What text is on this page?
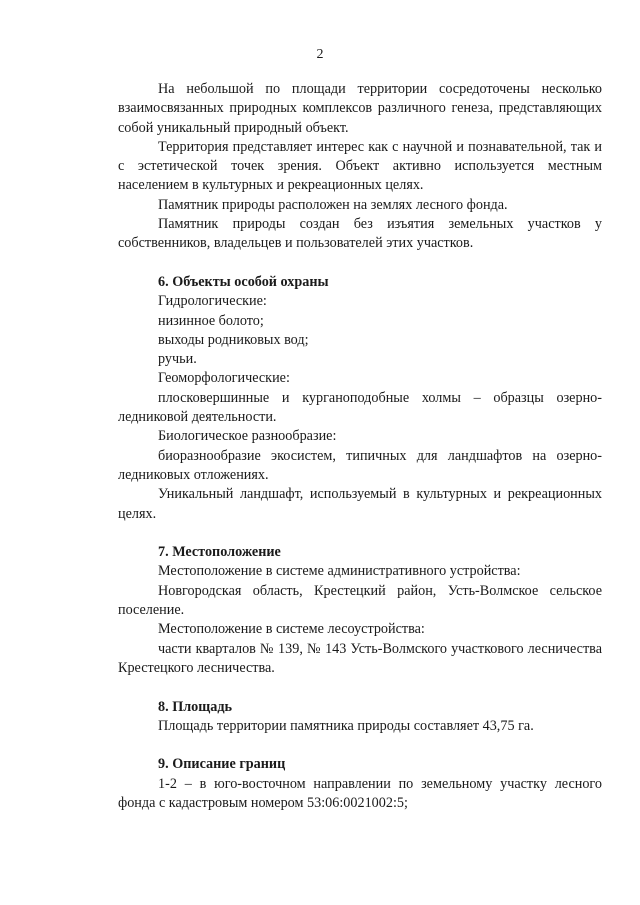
2

На небольшой по площади территории сосредоточены несколько взаимосвязанных природных комплексов различного генеза, представляющих собой уникальный природный объект.

Территория представляет интерес как с научной и познавательной, так и с эстетической точек зрения. Объект активно используется местным населением в культурных и рекреационных целях.

Памятник природы расположен на землях лесного фонда.

Памятник природы создан без изъятия земельных участков у собственников, владельцев и пользователей этих участков.

6. Объекты особой охраны

Гидрологические:

низинное болото;

выходы родниковых вод;

ручьи.

Геоморфологические:

плосковершинные и курганоподобные холмы – образцы озерно-ледниковой деятельности.

Биологическое разнообразие:

биоразнообразие экосистем, типичных для ландшафтов на озерно-ледниковых отложениях.

Уникальный ландшафт, используемый в культурных и рекреационных целях.

7. Местоположение

Местоположение в системе административного устройства:

Новгородская область, Крестецкий район, Усть-Волмское сельское поселение.

Местоположение в системе лесоустройства:

части кварталов № 139, № 143 Усть-Волмского участкового лесничества Крестецкого лесничества.

8. Площадь

Площадь территории памятника природы составляет 43,75 га.

9. Описание границ

1-2 – в юго-восточном направлении по земельному участку лесного фонда с кадастровым номером 53:06:0021002:5;
